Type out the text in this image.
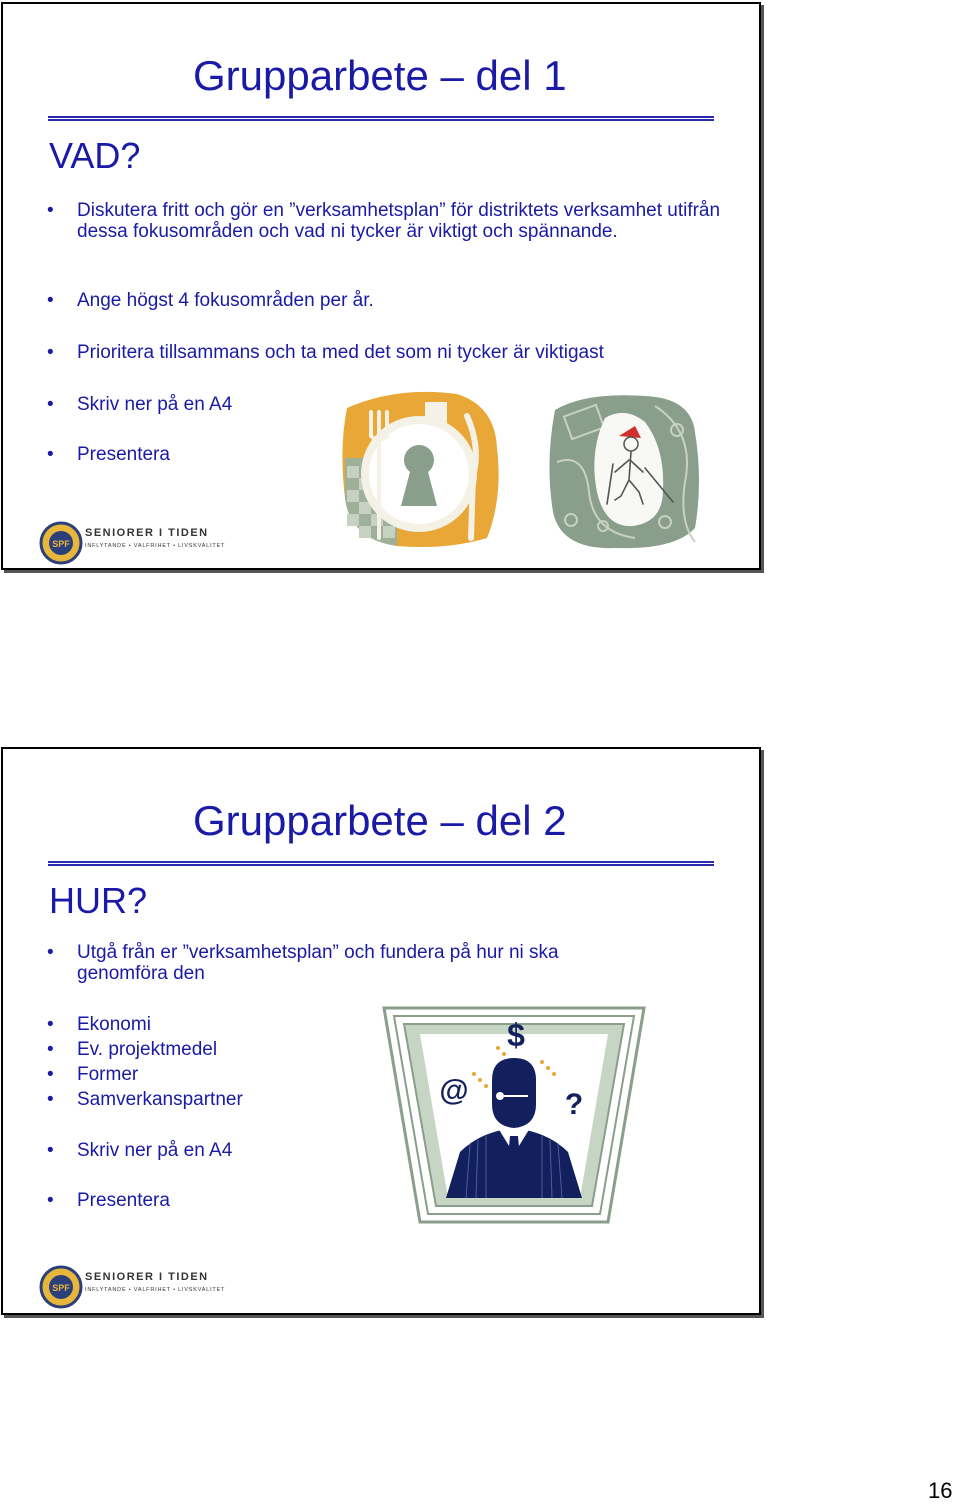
Grupparbete – del 1
VAD?
• Diskutera fritt och gör en ”verksamhetsplan” för distriktets verksamhet utifrån dessa fokusområden och vad ni tycker är viktigt och spännande.
• Ange högst 4 fokusområden per år.
• Prioritera tillsammans och ta med det som ni tycker är viktigast
• Skriv ner på en A4
• Presentera
SPF
SENIORER I TIDEN
INFLYTANDE • VALFRIHET • LIVSKVALITET
Grupparbete – del 2
HUR?
• Utgå från er ”verksamhetsplan” och fundera på hur ni ska genomföra den
• Ekonomi
• Ev. projektmedel
• Former
• Samverkanspartner
• Skriv ner på en A4
• Presentera
$
@	?
SPF
SENIORER I TIDEN
INFLYTANDE • VALFRIHET • LIVSKVALITET
16
